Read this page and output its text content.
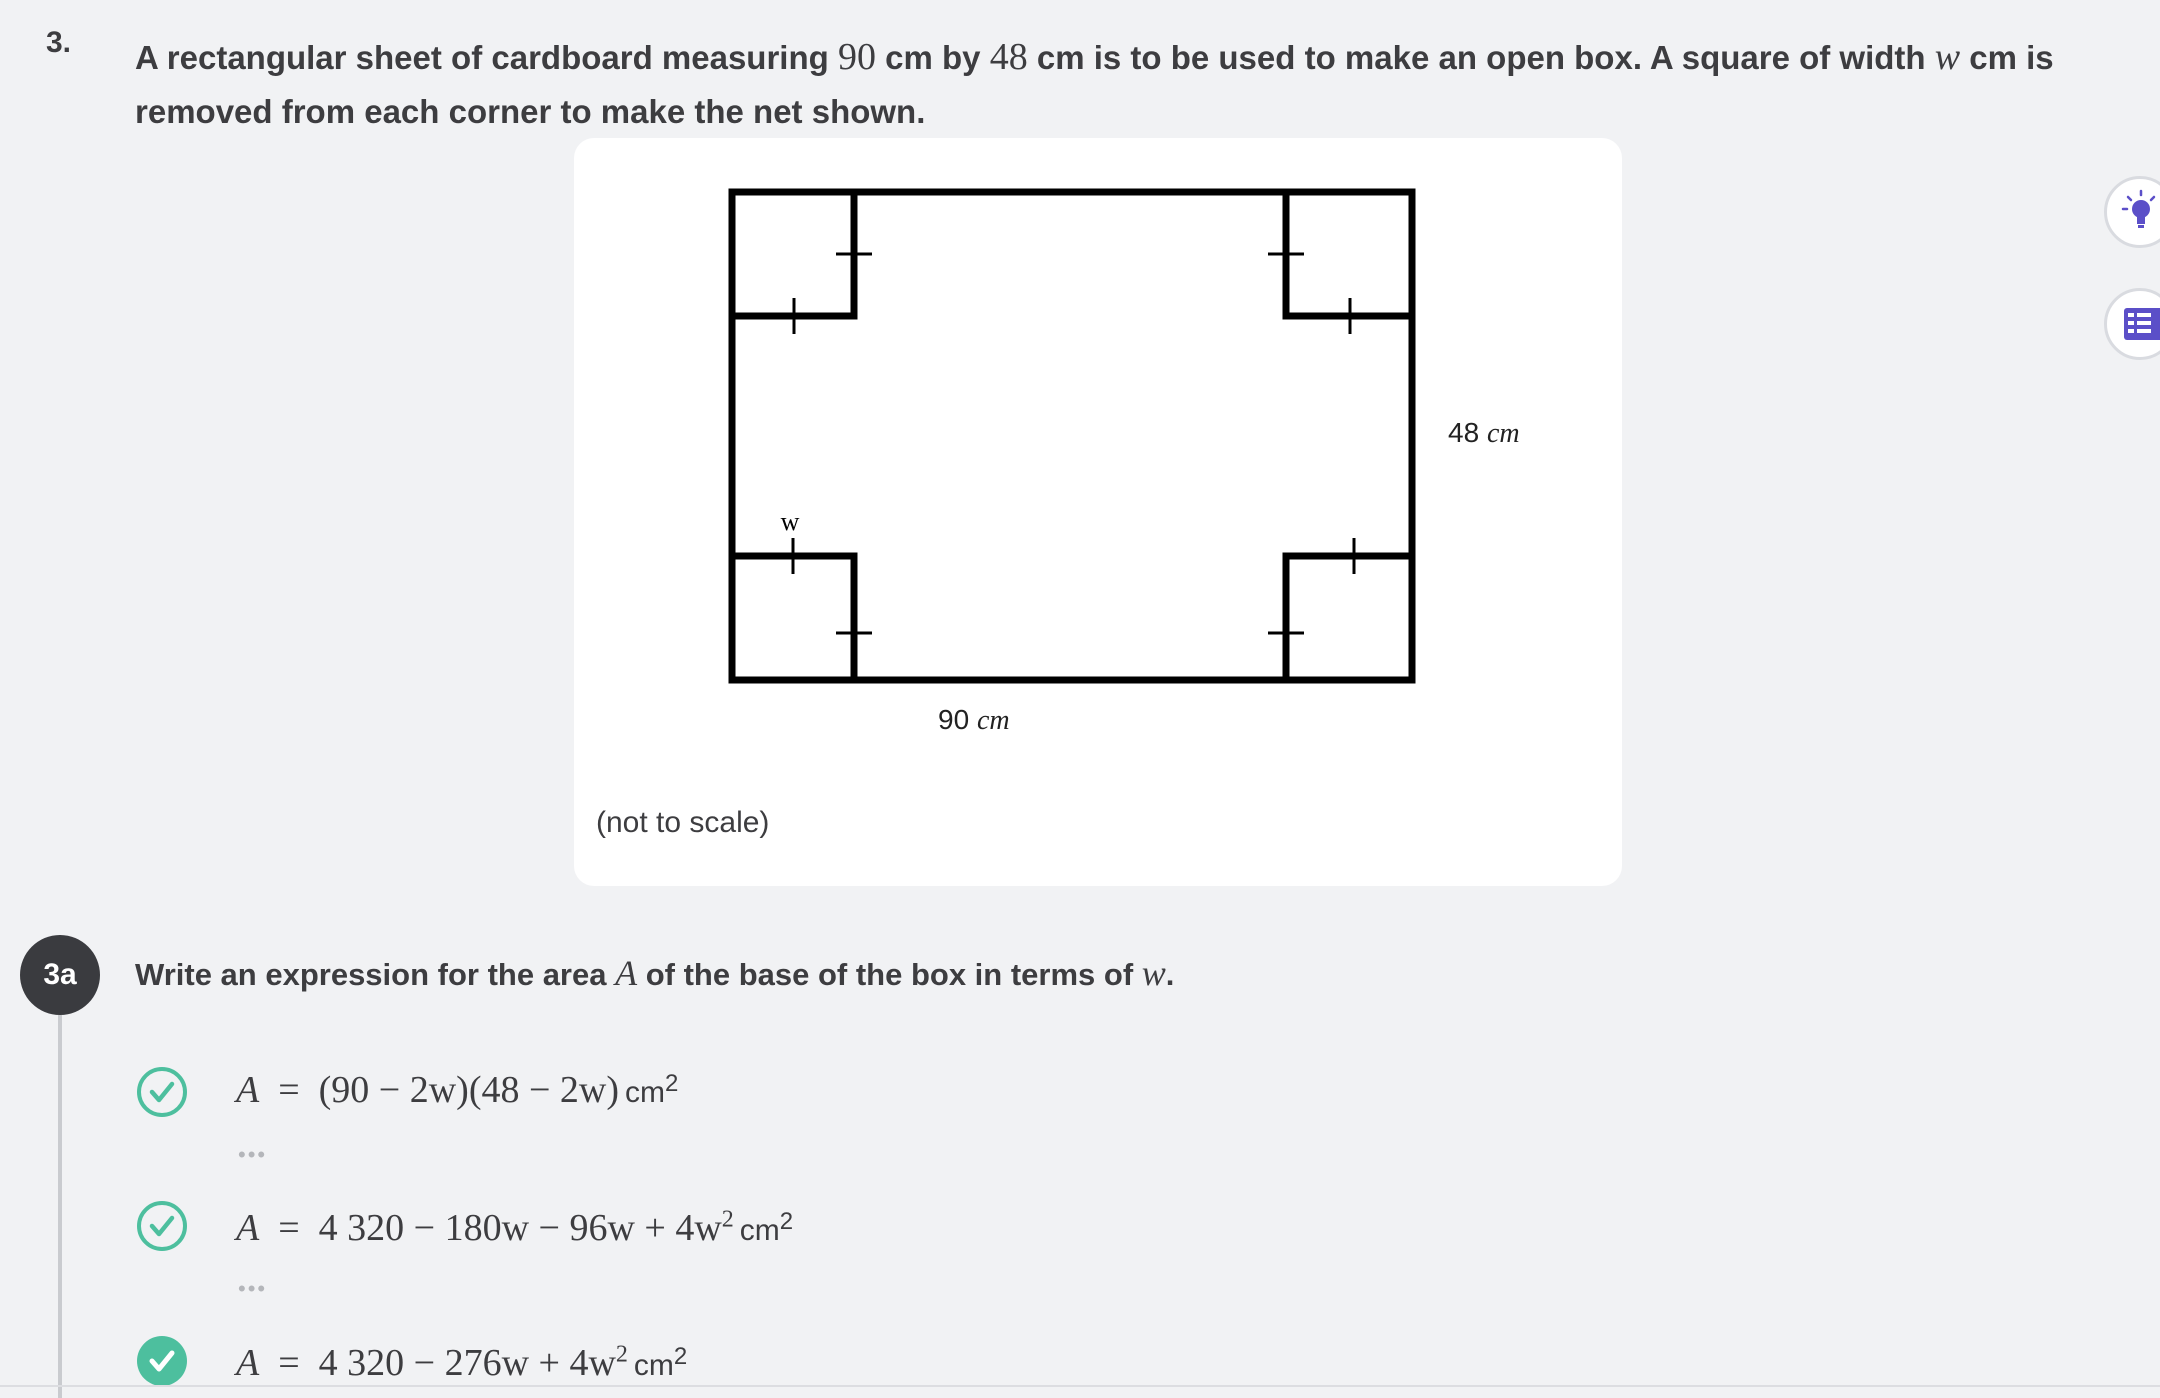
3. A rectangular sheet of cardboard measuring 90 cm by 48 cm is to be used to make an open box. A square of width w cm is removed from each corner to make the net shown.
w
48 cm
90 cm
(not to scale)
3a	Write an expression for the area A of the base of the box in terms of w.
A = (90 − 2w)(48 − 2w) $cm^2$
•••
A = 4 $320 - 180w - 96w + 4w^2$ $cm^2$
•••
A = 4 $320 - 276w + 4w^2$ $cm^2$
